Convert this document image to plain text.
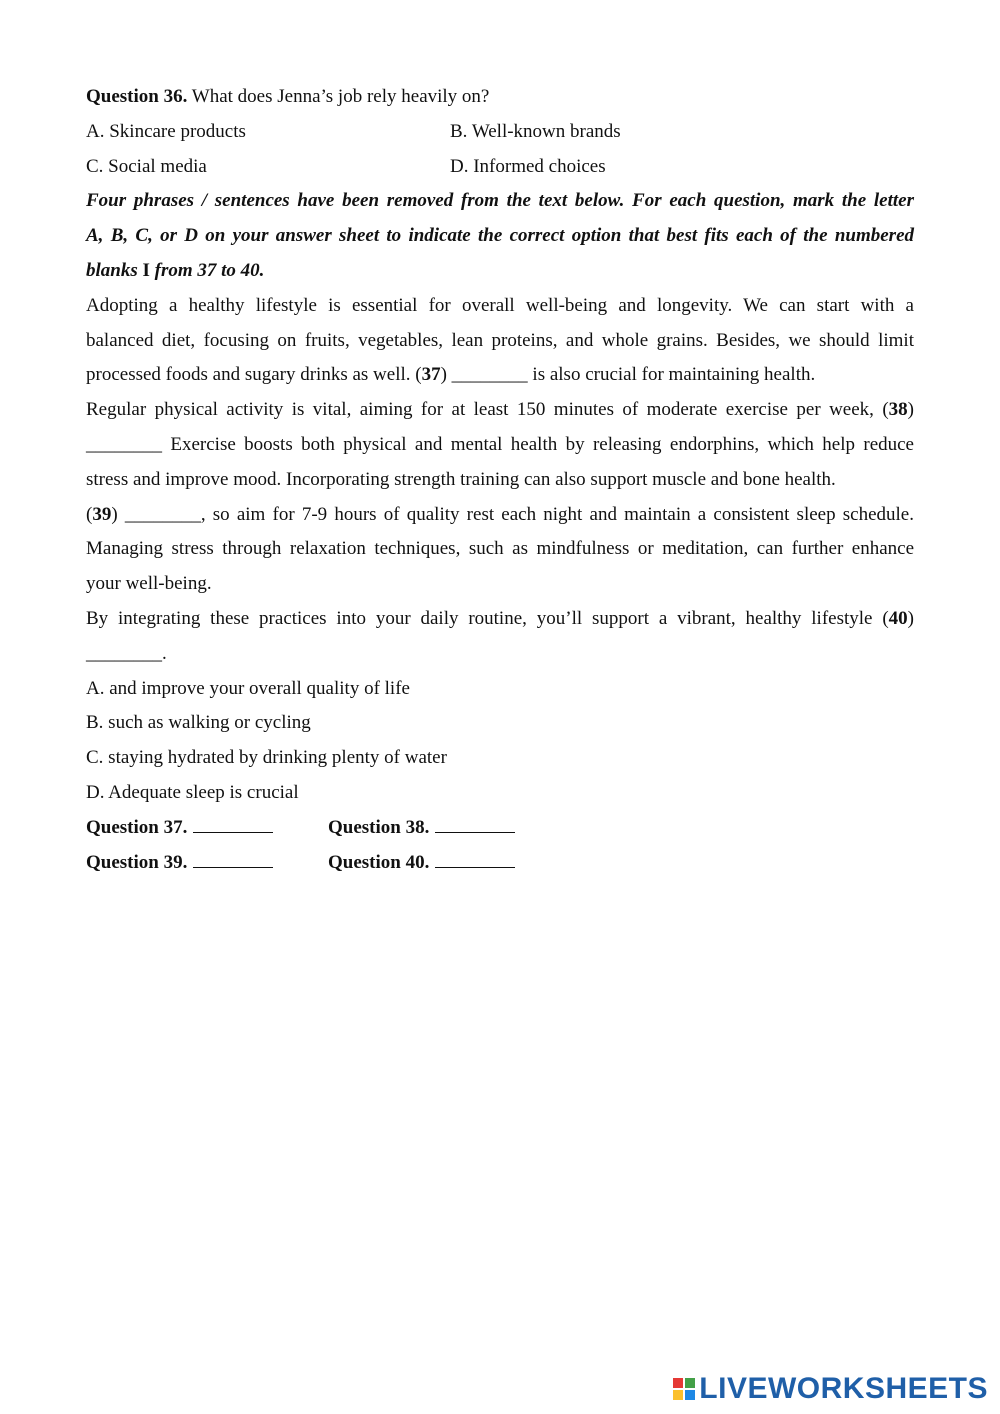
Question 36. What does Jenna’s job rely heavily on?

A. Skincare products	B. Well-known brands
C. Social media	D. Informed choices

Four phrases / sentences have been removed from the text below. For each question, mark the letter

A, B, C, or D on your answer sheet to indicate the correct option that best fits each of the numbered

blanks I from 37 to 40.

Adopting a healthy lifestyle is essential for overall well-being and longevity. We can start with a

balanced diet, focusing on fruits, vegetables, lean proteins, and whole grains. Besides, we should limit

processed foods and sugary drinks as well. (37) ________ is also crucial for maintaining health.

Regular physical activity is vital, aiming for at least 150 minutes of moderate exercise per week, (38)

________ Exercise boosts both physical and mental health by releasing endorphins, which help reduce

stress and improve mood. Incorporating strength training can also support muscle and bone health.

(39) ________, so aim for 7-9 hours of quality rest each night and maintain a consistent sleep schedule.

Managing stress through relaxation techniques, such as mindfulness or meditation, can further enhance

your well-being.

By integrating these practices into your daily routine, you’ll support a vibrant, healthy lifestyle (40)

________.

A. and improve your overall quality of life

B. such as walking or cycling

C. staying hydrated by drinking plenty of water

D. Adequate sleep is crucial

Question 37.	Question 38.
Question 39.	Question 40.
LIVEWORKSHEETS
